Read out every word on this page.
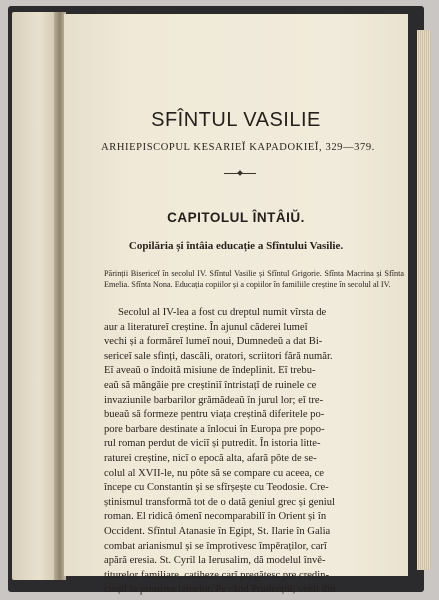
SFÎNTUL VASILIE
ARHIEPISCOPUL KESARIEĬ KAPADOKIEĬ, 329—379.
CAPITOLUL ÎNTÂIŬ.
Copilăria și întâia educație a Sfîntului Vasilie.
Părinții Bisericeĭ în secolul IV. Sfîntul Vasilie și Sfîntul Grigorie. Sfînta Macrina și Sfînta Emelia. Sfînta Nona. Educația copiilor și a copiilor în familiile creștine în secolul al IV.
Secolul al IV-lea a fost cu dreptul numit vîrsta de
aur a literatureĭ creștine. În ajunul căderei lumeĭ
vechi și a formăreĭ lumeĭ noui, Dumnedeŭ a dat Bi-
sericeĭ sale sfinți, dascăli, oratori, scriitori fără număr.
Eĭ aveaŭ o îndoită misiune de îndeplinit. Eĭ trebu-
eaŭ să măngăie pre creștiniĭ întristațĭ de ruinele ce
invaziunile barbarilor grămădeaŭ în jurul lor; eĭ tre-
bueaŭ să formeze pentru viața creștină diferitele po-
pore barbare destinate a înlocui în Europa pre popo-
rul roman perdut de viciĭ și putredit. În istoria litte-
raturei creștine, nicĭ o epocă alta, afară pôte de se-
colul al XVII-le, nu pôte să se compare cu aceea, ce
începe cu Constantin și se sfîrșește cu Teodosie. Cre-
știnismul transformă tot de o dată geniul grec și geniul
roman. El ridică ómenĭ necomparabilĭ în Orient și în
Occident. Sfîntul Atanasie în Egipt, St. Ilarie în Galia
combat arianismul și se împrotivesc împěraților, carĭ
apără eresia. St. Cyril la Ierusalim, dă modelul învě-
țiturelor familiare, catiheze carĭ pregătesc pre credin-
cioșiĭ la primirea tainelor. Pe când Prudențiŭ, venit din
